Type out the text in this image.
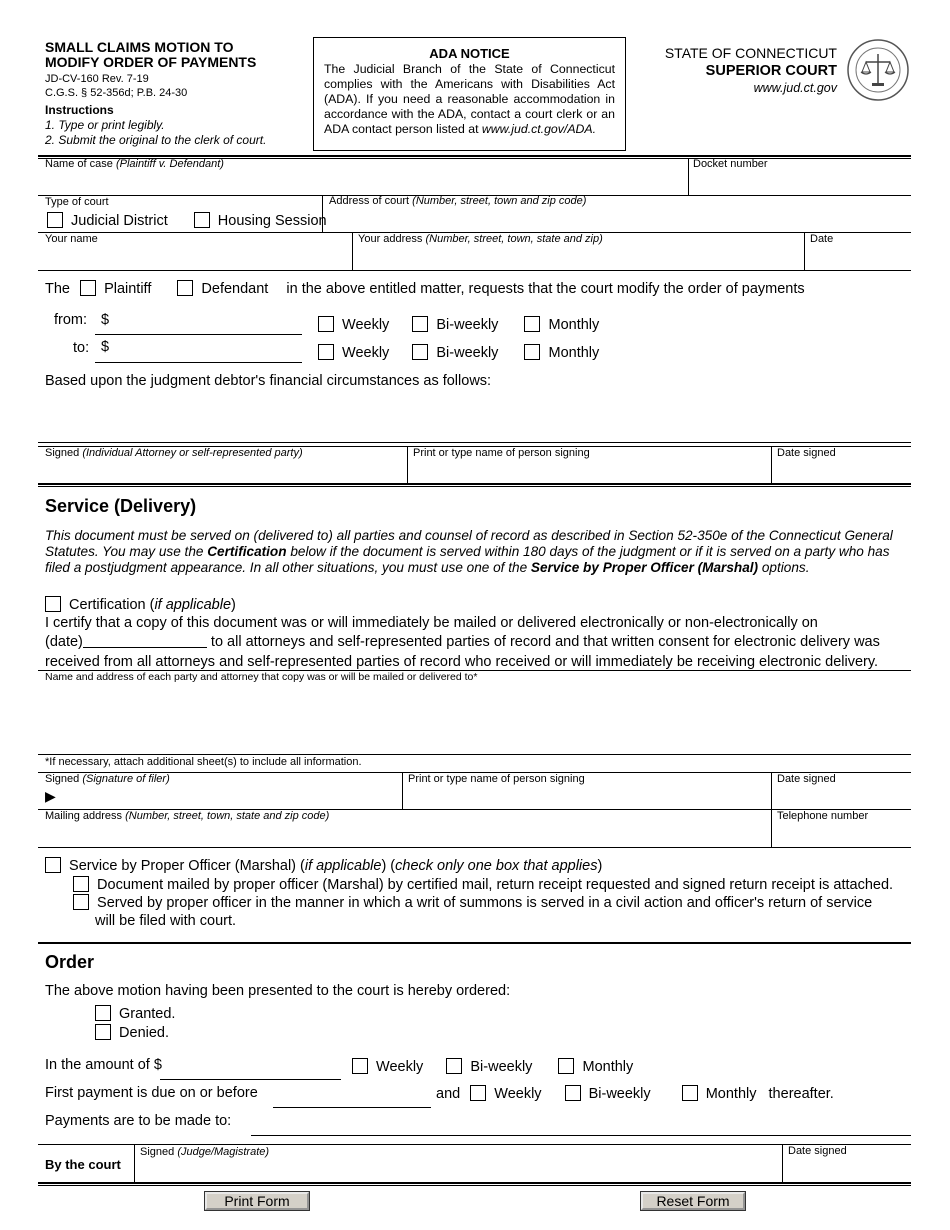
SMALL CLAIMS MOTION TO
MODIFY ORDER OF PAYMENTS
JD-CV-160 Rev. 7-19
C.G.S. § 52-356d; P.B. 24-30
Instructions
1. Type or print legibly.
2. Submit the original to the clerk of court.
ADA NOTICE
The Judicial Branch of the State of Connecticut complies with the Americans with Disabilities Act (ADA). If you need a reasonable accommodation in accordance with the ADA, contact a court clerk or an ADA contact person listed at www.jud.ct.gov/ADA.
STATE OF CONNECTICUT
SUPERIOR COURT
www.jud.ct.gov
Name of case (Plaintiff v. Defendant)	Docket number
Type of court
Judicial District	Housing Session
Address of court (Number, street, town and zip code)
Your name	Your address (Number, street, town, state and zip)	Date
The Plaintiff	Defendant in the above entitled matter, requests that the court modify the order of payments
from: $	Weekly	Bi-weekly	Monthly
to: $	Weekly	Bi-weekly	Monthly
Based upon the judgment debtor's financial circumstances as follows:
Signed (Individual Attorney or self-represented party)	Print or type name of person signing	Date signed
Service (Delivery)
This document must be served on (delivered to) all parties and counsel of record as described in Section 52-350e of the Connecticut General Statutes. You may use the Certification below if the document is served within 180 days of the judgment or if it is served on a party who has filed a postjudgment appearance. In all other situations, you must use one of the Service by Proper Officer (Marshal) options.
Certification (if applicable)
I certify that a copy of this document was or will immediately be mailed or delivered electronically or non-electronically on
(date)	to all attorneys and self-represented parties of record and that written consent for electronic delivery was
received from all attorneys and self-represented parties of record who received or will immediately be receiving electronic delivery.
Name and address of each party and attorney that copy was or will be mailed or delivered to*
*If necessary, attach additional sheet(s) to include all information.
Signed (Signature of filer)
▶
Print or type name of person signing	Date signed
Mailing address (Number, street, town, state and zip code)	Telephone number
Service by Proper Officer (Marshal) (if applicable) (check only one box that applies)
Document mailed by proper officer (Marshal) by certified mail, return receipt requested and signed return receipt is attached.
Served by proper officer in the manner in which a writ of summons is served in a civil action and officer's return of service
will be filed with court.
Order
The above motion having been presented to the court is hereby ordered:
Granted.
Denied.
In the amount of $	Weekly	Bi-weekly	Monthly
First payment is due on or before	and Weekly	Bi-weekly	Monthly thereafter.
Payments are to be made to:
By the court
Signed (Judge/Magistrate)	Date signed
Print Form	Reset Form
